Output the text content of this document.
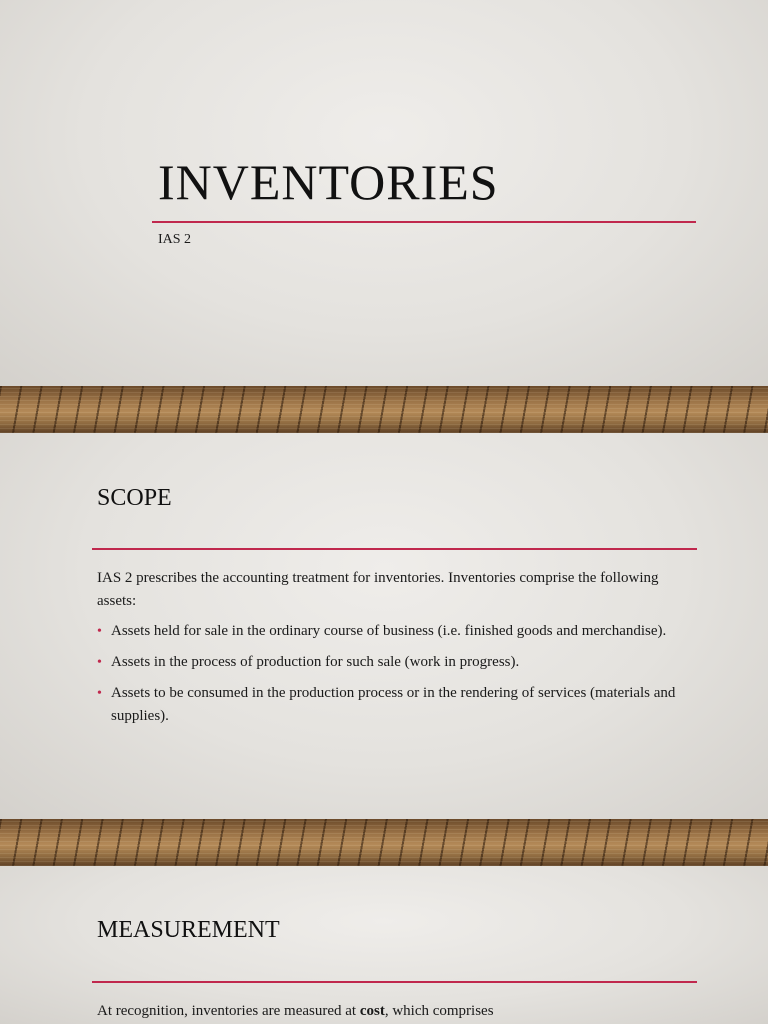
INVENTORIES

IAS 2

SCOPE

IAS 2 prescribes the accounting treatment for inventories. Inventories comprise the following assets:

• Assets held for sale in the ordinary course of business (i.e. finished goods and merchandise).
• Assets in the process of production for such sale (work in progress).
• Assets to be consumed in the production process or in the rendering of services (materials and supplies).
MEASUREMENT

At recognition, inventories are measured at cost, which comprises
